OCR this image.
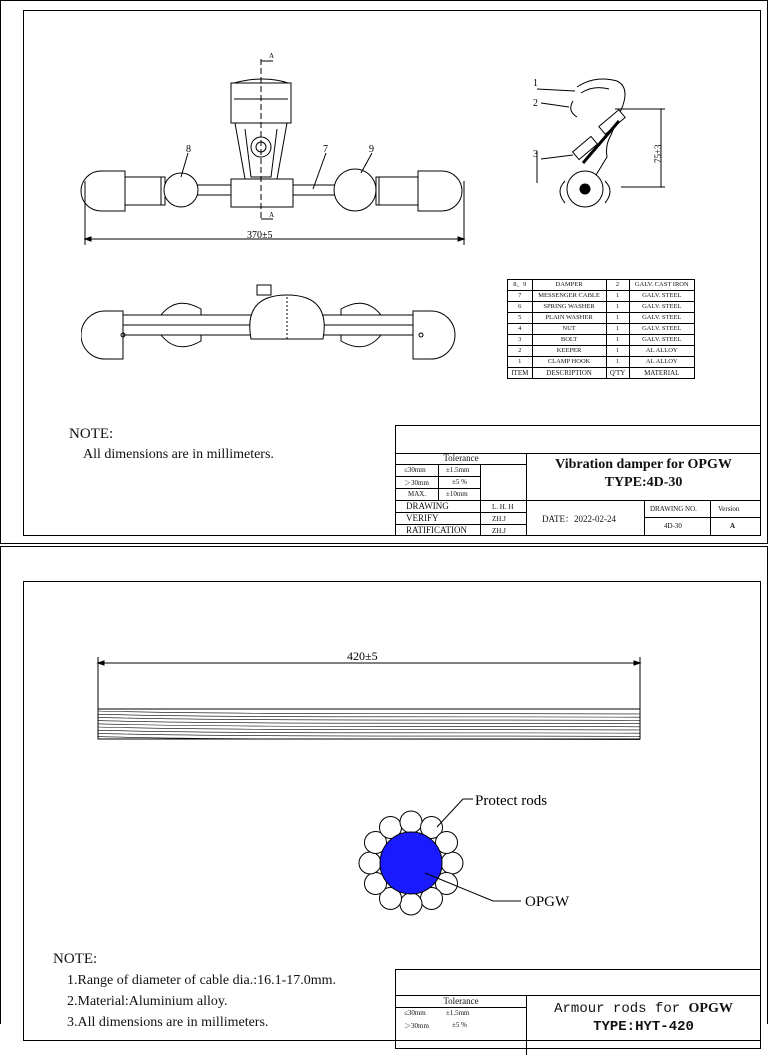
A
A
370±5
8	7	9
1
2
3	75±3
8、9	DAMPER	2	GALV. CAST IRON
7	MESSENGER CABLE	1	GALV. STEEL
6	SPRING WASHER	1	GALV. STEEL
5	PLAIN WASHER	1	GALV. STEEL
4	NUT	1	GALV. STEEL
3	BOLT	1	GALV. STEEL
2	KEEPER	1	AL ALLOY
1	CLAMP HOOK	1	AL ALLOY
ITEM	DESCRIPTION	Q'TY	MATERIAL
NOTE:
All dimensions are in millimeters.	Tolerance
≤30mm	±1.5mm
＞30mm	±5 %
MAX.	±10mm
DRAWING	L. H. H
VERIFY	ZH.J
RATIFICATION	ZH.J
Vibration damper for OPGW
TYPE:4D-30
DATE：2022-02-24
DRAWING NO.	Version
4D-30	A
420±5
Protect rods
OPGW
NOTE:
1.Range of diameter of cable dia.:16.1-17.0mm.
2.Material:Aluminium alloy.
3.All dimensions are in millimeters.
Tolerance
≤30mm	±1.5mm
＞30mm	±5 %
Armour rods for OPGW
TYPE:HYT-420
